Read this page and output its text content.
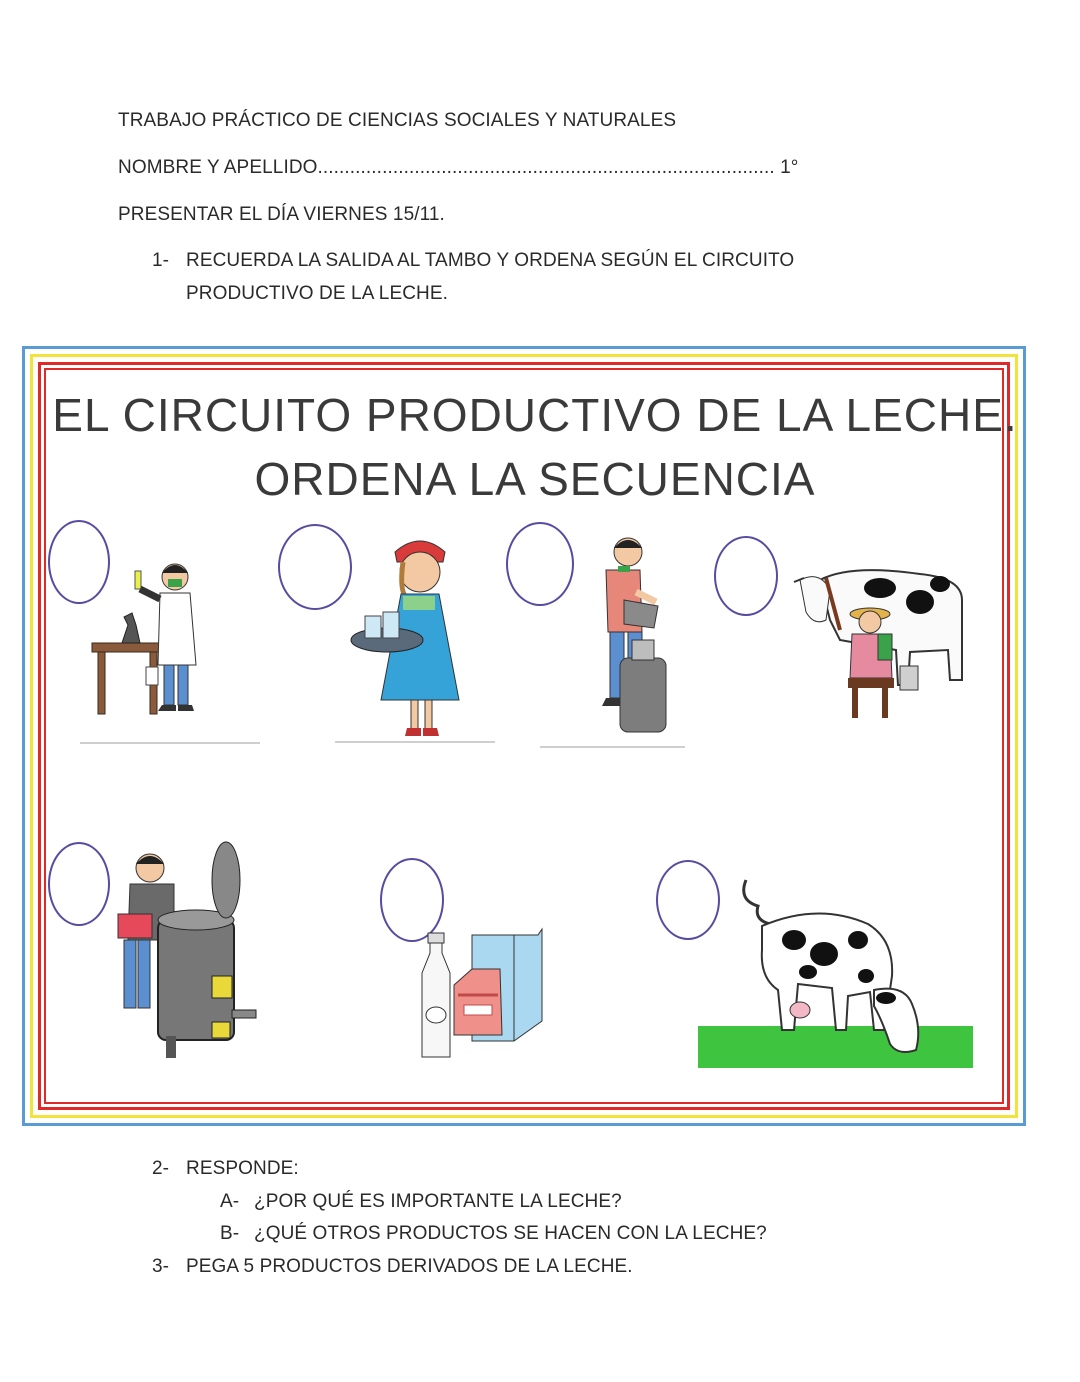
TRABAJO PRÁCTICO DE CIENCIAS SOCIALES Y NATURALES
NOMBRE Y APELLIDO..................................................................................... 1°
PRESENTAR EL DÍA VIERNES 15/11.
1- RECUERDA LA SALIDA AL TAMBO Y ORDENA SEGÚN EL CIRCUITO
PRODUCTIVO DE LA LECHE.
EL CIRCUITO PRODUCTIVO DE LA LECHE.
ORDENA LA SECUENCIA
2- RESPONDE:
A- ¿POR QUÉ ES IMPORTANTE LA LECHE?
B- ¿QUÉ OTROS PRODUCTOS SE HACEN CON LA LECHE?
3- PEGA 5 PRODUCTOS DERIVADOS DE LA LECHE.
